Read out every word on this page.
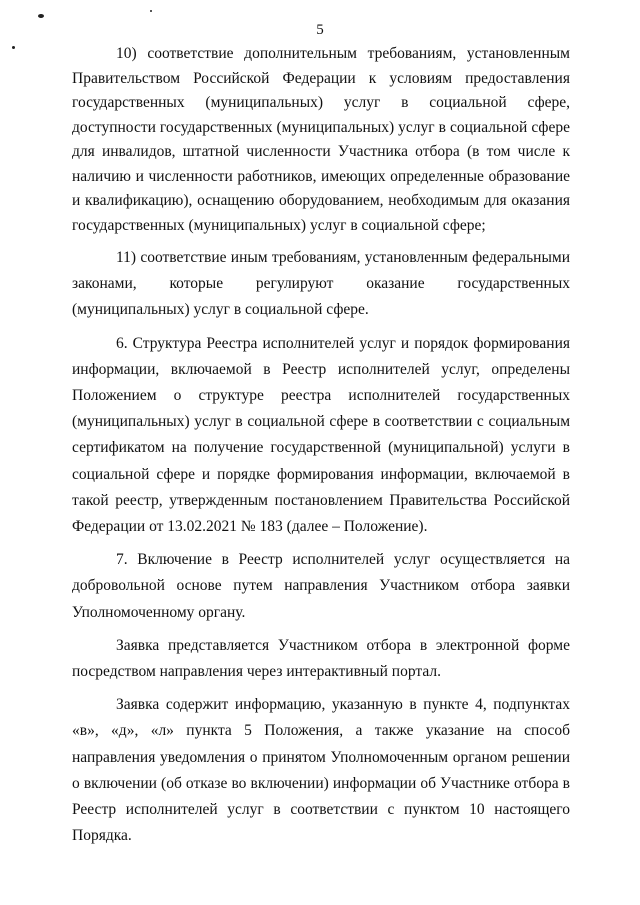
5

10) соответствие дополнительным требованиям, установленным Правительством Российской Федерации к условиям предоставления государственных (муниципальных) услуг в социальной сфере, доступности государственных (муниципальных) услуг в социальной сфере для инвалидов, штатной численности Участника отбора (в том числе к наличию и численности работников, имеющих определенные образование и квалификацию), оснащению оборудованием, необходимым для оказания государственных (муниципальных) услуг в социальной сфере;

11) соответствие иным требованиям, установленным федеральными законами, которые регулируют оказание государственных (муниципальных) услуг в социальной сфере.

6. Структура Реестра исполнителей услуг и порядок формирования информации, включаемой в Реестр исполнителей услуг, определены Положением о структуре реестра исполнителей государственных (муниципальных) услуг в социальной сфере в соответствии с социальным сертификатом на получение государственной (муниципальной) услуги в социальной сфере и порядке формирования информации, включаемой в такой реестр, утвержденным постановлением Правительства Российской Федерации от 13.02.2021 № 183 (далее – Положение).

7. Включение в Реестр исполнителей услуг осуществляется на добровольной основе путем направления Участником отбора заявки Уполномоченному органу.

Заявка представляется Участником отбора в электронной форме посредством направления через интерактивный портал.

Заявка содержит информацию, указанную в пункте 4, подпунктах «в», «д», «л» пункта 5 Положения, а также указание на способ направления уведомления о принятом Уполномоченным органом решении о включении (об отказе во включении) информации об Участнике отбора в Реестр исполнителей услуг в соответствии с пунктом 10 настоящего Порядка.
